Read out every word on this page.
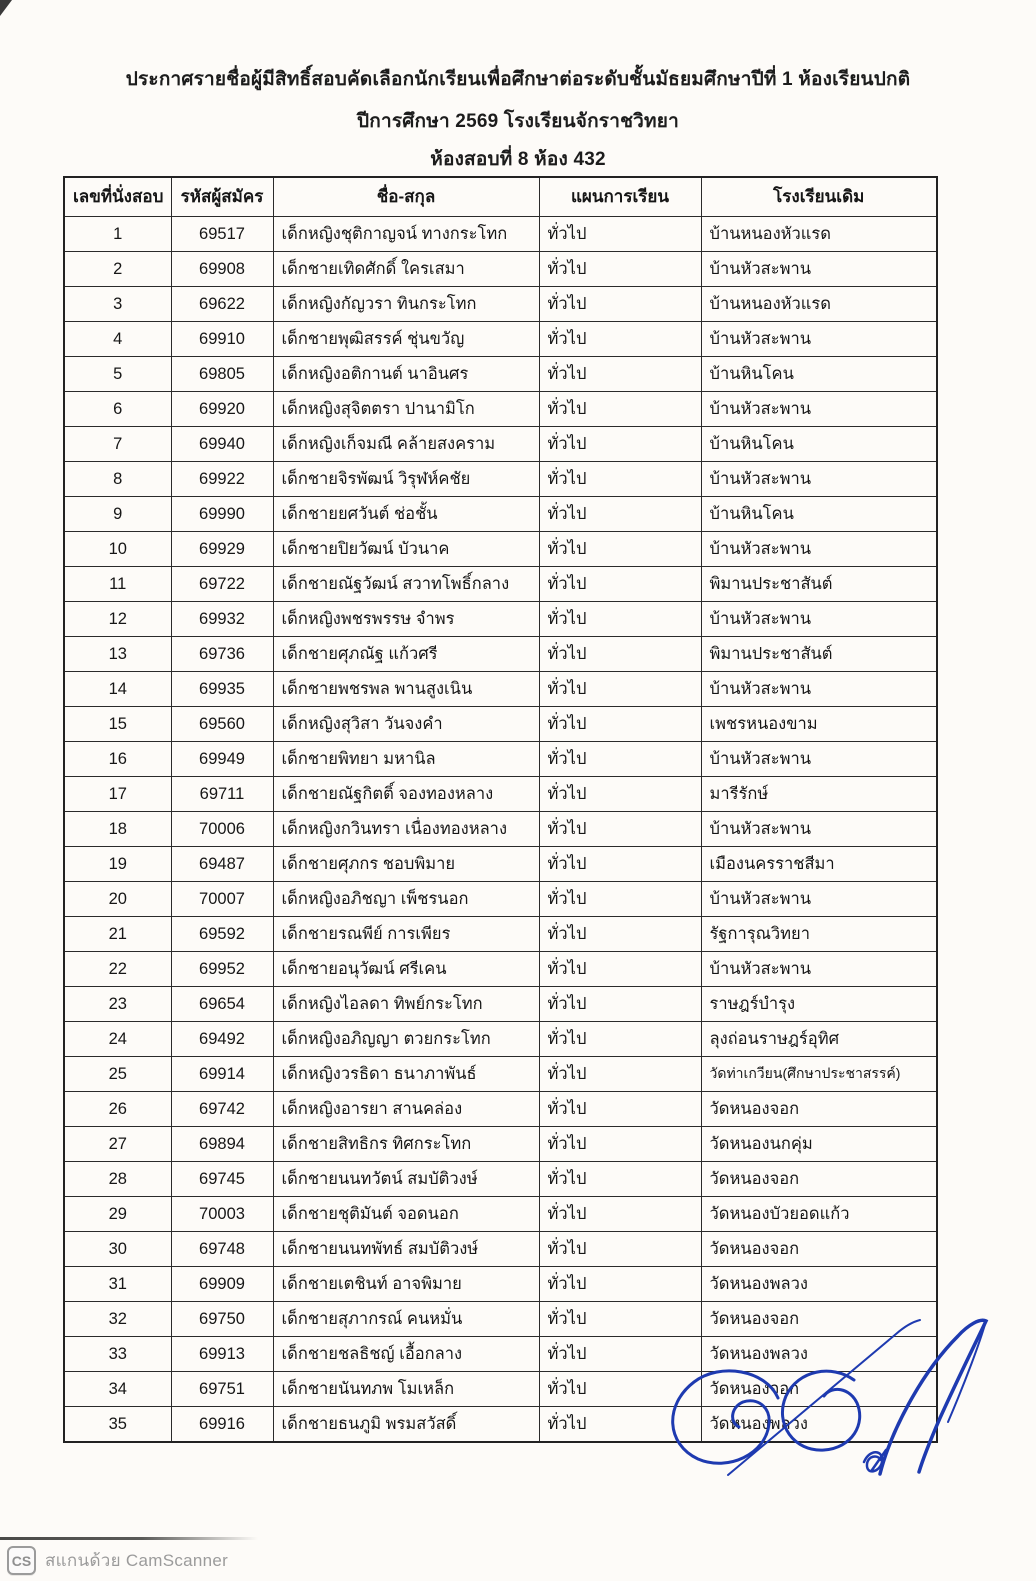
ประกาศรายชื่อผู้มีสิทธิ์สอบคัดเลือกนักเรียนเพื่อศึกษาต่อระดับชั้นมัธยมศึกษาปีที่ 1 ห้องเรียนปกติ
ปีการศึกษา 2569 โรงเรียนจักราชวิทยา
ห้องสอบที่ 8 ห้อง 432
เลขที่นั่งสอบ	รหัสผู้สมัคร	ชื่อ-สกุล	แผนการเรียน	โรงเรียนเดิม
1	69517	เด็กหญิงชุติกาญจน์ ทางกระโทก	ทั่วไป	บ้านหนองหัวแรด
2	69908	เด็กชายเทิดศักดิ์ ใครเสมา	ทั่วไป	บ้านหัวสะพาน
3	69622	เด็กหญิงกัญวรา ทินกระโทก	ทั่วไป	บ้านหนองหัวแรด
4	69910	เด็กชายพุฒิสรรค์ ชุ่นขวัญ	ทั่วไป	บ้านหัวสะพาน
5	69805	เด็กหญิงอติกานต์ นาอินศร	ทั่วไป	บ้านหินโคน
6	69920	เด็กหญิงสุจิตตรา ปานามิโก	ทั่วไป	บ้านหัวสะพาน
7	69940	เด็กหญิงเก็จมณี คล้ายสงคราม	ทั่วไป	บ้านหินโคน
8	69922	เด็กชายจิรพัฒน์ วิรุฬห์คชัย	ทั่วไป	บ้านหัวสะพาน
9	69990	เด็กชายยศวันต์ ช่อชั้น	ทั่วไป	บ้านหินโคน
10	69929	เด็กชายปิยวัฒน์ บัวนาค	ทั่วไป	บ้านหัวสะพาน
11	69722	เด็กชายณัฐวัฒน์ สวาทโพธิ์กลาง	ทั่วไป	พิมานประชาสันต์
12	69932	เด็กหญิงพชรพรรษ จำพร	ทั่วไป	บ้านหัวสะพาน
13	69736	เด็กชายศุภณัฐ แก้วศรี	ทั่วไป	พิมานประชาสันต์
14	69935	เด็กชายพชรพล พานสูงเนิน	ทั่วไป	บ้านหัวสะพาน
15	69560	เด็กหญิงสุวิสา วันจงคำ	ทั่วไป	เพชรหนองขาม
16	69949	เด็กชายพิทยา มหานิล	ทั่วไป	บ้านหัวสะพาน
17	69711	เด็กชายณัฐกิตติ์ จองทองหลาง	ทั่วไป	มารีรักษ์
18	70006	เด็กหญิงกวินทรา เนื่องทองหลาง	ทั่วไป	บ้านหัวสะพาน
19	69487	เด็กชายศุภกร ชอบพิมาย	ทั่วไป	เมืองนครราชสีมา
20	70007	เด็กหญิงอภิชญา เพ็ชรนอก	ทั่วไป	บ้านหัวสะพาน
21	69592	เด็กชายรณพีย์ การเพียร	ทั่วไป	รัฐการุณวิทยา
22	69952	เด็กชายอนุวัฒน์ ศรีเคน	ทั่วไป	บ้านหัวสะพาน
23	69654	เด็กหญิงไอลดา ทิพย์กระโทก	ทั่วไป	ราษฎร์บำรุง
24	69492	เด็กหญิงอภิญญา ตวยกระโทก	ทั่วไป	ลุงถ่อนราษฎร์อุทิศ
25	69914	เด็กหญิงวรธิดา ธนาภาพันธ์	ทั่วไป	วัดท่าเกวียน(ศึกษาประชาสรรค์)
26	69742	เด็กหญิงอารยา สานคล่อง	ทั่วไป	วัดหนองจอก
27	69894	เด็กชายสิทธิกร ทิศกระโทก	ทั่วไป	วัดหนองนกคุ่ม
28	69745	เด็กชายนนทวัตน์ สมบัติวงษ์	ทั่วไป	วัดหนองจอก
29	70003	เด็กชายชุติมันต์ จอดนอก	ทั่วไป	วัดหนองบัวยอดแก้ว
30	69748	เด็กชายนนทพัทธ์ สมบัติวงษ์	ทั่วไป	วัดหนองจอก
31	69909	เด็กชายเตชินท์ อาจพิมาย	ทั่วไป	วัดหนองพลวง
32	69750	เด็กชายสุภากรณ์ คนหมั่น	ทั่วไป	วัดหนองจอก
33	69913	เด็กชายชลธิชญ์ เอื้อกลาง	ทั่วไป	วัดหนองพลวง
34	69751	เด็กชายนันทภพ โมเหล็ก	ทั่วไป	วัดหนองจอก
35	69916	เด็กชายธนภูมิ พรมสวัสดิ์	ทั่วไป	วัดหนองพลวง
CS สแกนด้วย CamScanner
